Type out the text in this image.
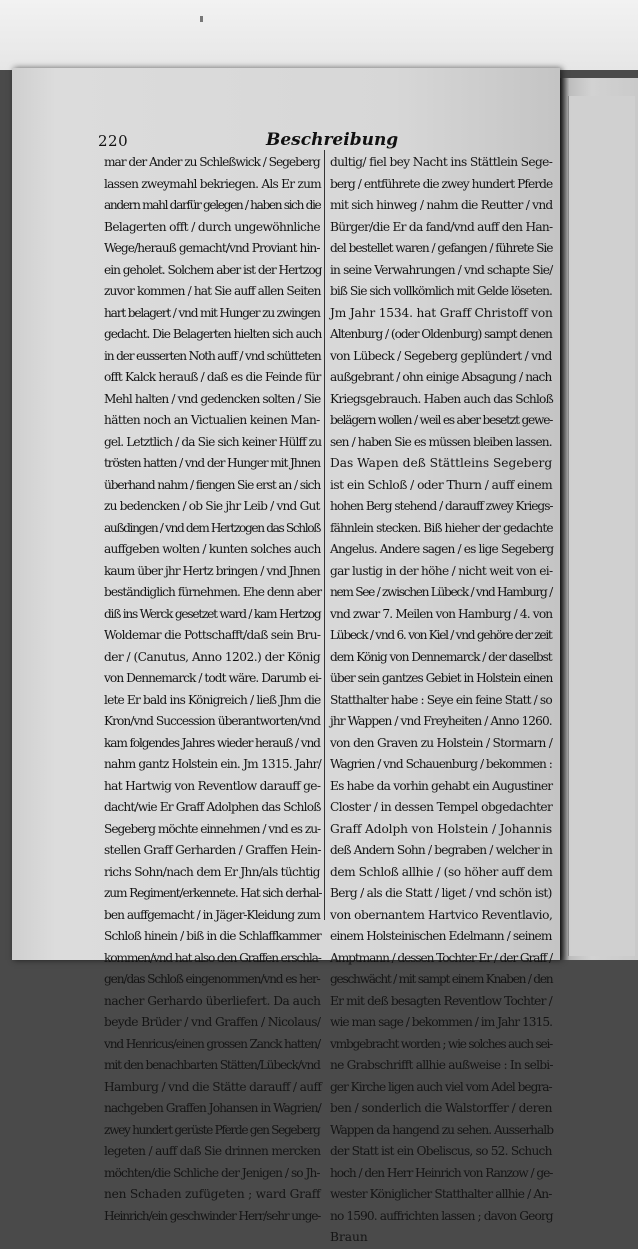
220	Beschreibung
mar der Ander zu Schleßwick / Segeberg
lassen zweymahl bekriegen. Als Er zum
andern mahl darfür gelegen / haben sich die
Belagerten offt / durch ungewöhnliche
Wege/herauß gemacht/vnd Proviant hin-
ein geholet. Solchem aber ist der Hertzog
zuvor kommen / hat Sie auff allen Seiten
hart belagert / vnd mit Hunger zu zwingen
gedacht. Die Belagerten hielten sich auch
in der eusserten Noth auff / vnd schütteten
offt Kalck herauß / daß es die Feinde für
Mehl halten / vnd gedencken solten / Sie
hätten noch an Victualien keinen Man-
gel. Letztlich / da Sie sich keiner Hülff zu
trösten hatten / vnd der Hunger mit Jhnen
überhand nahm / fiengen Sie erst an / sich
zu bedencken / ob Sie jhr Leib / vnd Gut
außdingen / vnd dem Hertzogen das Schloß
auffgeben wolten / kunten solches auch
kaum über jhr Hertz bringen / vnd Jhnen
beständiglich fürnehmen. Ehe denn aber
diß ins Werck gesetzet ward / kam Hertzog
Woldemar die Pottschafft/daß sein Bru-
der / (Canutus, Anno 1202.) der König
von Dennemarck / todt wäre. Darumb ei-
lete Er bald ins Königreich / ließ Jhm die
Kron/vnd Succession überantworten/vnd
kam folgendes Jahres wieder herauß / vnd
nahm gantz Holstein ein. Jm 1315. Jahr/
hat Hartwig von Reventlow darauff ge-
dacht/wie Er Graff Adolphen das Schloß
Segeberg möchte einnehmen / vnd es zu-
stellen Graff Gerharden / Graffen Hein-
richs Sohn/nach dem Er Jhn/als tüchtig
zum Regiment/erkennete. Hat sich derhal-
ben auffgemacht / in Jäger-Kleidung zum
Schloß hinein / biß in die Schlaffkammer
kommen/vnd hat also den Graffen erschla-
gen/das Schloß eingenommen/vnd es her-
nacher Gerhardo überliefert. Da auch
beyde Brüder / vnd Graffen / Nicolaus/
vnd Henricus/einen grossen Zanck hatten/
mit den benachbarten Stätten/Lübeck/vnd
Hamburg / vnd die Stätte darauff / auff
nachgeben Graffen Johansen in Wagrien/
zwey hundert gerüste Pferde gen Segeberg
legeten / auff daß Sie drinnen mercken
möchten/die Schliche der Jenigen / so Jh-
nen Schaden zufügeten ; ward Graff
Heinrich/ein geschwinder Herr/sehr unge-
dultig/ fiel bey Nacht ins Stättlein Sege-
berg / entführete die zwey hundert Pferde
mit sich hinweg / nahm die Reutter / vnd
Bürger/die Er da fand/vnd auff den Han-
del bestellet waren / gefangen / führete Sie
in seine Verwahrungen / vnd schapte Sie/
biß Sie sich vollkömlich mit Gelde löseten.
Jm Jahr 1534. hat Graff Christoff von
Altenburg / (oder Oldenburg) sampt denen
von Lübeck / Segeberg geplündert / vnd
außgebrant / ohn einige Absagung / nach
Kriegsgebrauch. Haben auch das Schloß
belägern wollen / weil es aber besetzt gewe-
sen / haben Sie es müssen bleiben lassen.
Das Wapen deß Stättleins Segeberg
ist ein Schloß / oder Thurn / auff einem
hohen Berg stehend / darauff zwey Kriegs-
fähnlein stecken. Biß hieher der gedachte
Angelus. Andere sagen / es lige Segeberg
gar lustig in der höhe / nicht weit von ei-
nem See / zwischen Lübeck / vnd Hamburg /
vnd zwar 7. Meilen von Hamburg / 4. von
Lübeck / vnd 6. von Kiel / vnd gehöre der zeit
dem König von Dennemarck / der daselbst
über sein gantzes Gebiet in Holstein einen
Statthalter habe : Seye ein feine Statt / so
jhr Wappen / vnd Freyheiten / Anno 1260.
von den Graven zu Holstein / Stormarn /
Wagrien / vnd Schauenburg / bekommen :
Es habe da vorhin gehabt ein Augustiner
Closter / in dessen Tempel obgedachter
Graff Adolph von Holstein / Johannis
deß Andern Sohn / begraben / welcher in
dem Schloß allhie / (so höher auff dem
Berg / als die Statt / liget / vnd schön ist)
von obernantem Hartvico Reventlavio,
einem Holsteinischen Edelmann / seinem
Amptmann / dessen Tochter Er / der Graff /
geschwächt / mit sampt einem Knaben / den
Er mit deß besagten Reventlow Tochter /
wie man sage / bekommen / im Jahr 1315.
vmbgebracht worden ; wie solches auch sei-
ne Grabschrifft allhie außweise : In selbi-
ger Kirche ligen auch viel vom Adel begra-
ben / sonderlich die Walstorffer / deren
Wappen da hangend zu sehen. Ausserhalb
der Statt ist ein Obeliscus, so 52. Schuch
hoch / den Herr Heinrich von Ranzow / ge-
wester Königlicher Statthalter allhie / An-
no 1590. auffrichten lassen ; davon Georg
Braun
